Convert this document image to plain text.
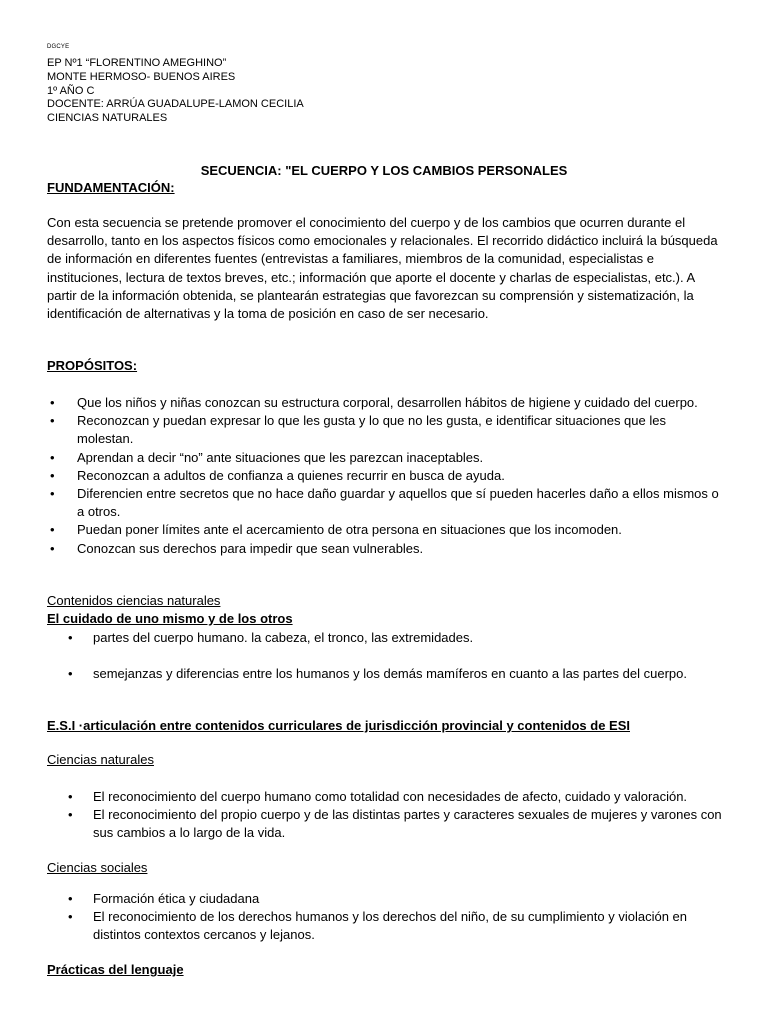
DGCYE
EP Nº1 “FLORENTINO AMEGHINO”
MONTE HERMOSO- BUENOS AIRES
1º AÑO C
DOCENTE: ARRÚA GUADALUPE-LAMON CECILIA
CIENCIAS NATURALES
SECUENCIA: "EL CUERPO Y LOS CAMBIOS PERSONALES
FUNDAMENTACIÓN:
Con esta secuencia se pretende promover el conocimiento del cuerpo y de los cambios que ocurren durante el desarrollo, tanto en los aspectos físicos como emocionales y relacionales. El recorrido didáctico incluirá la búsqueda de información en diferentes fuentes (entrevistas a familiares, miembros de la comunidad, especialistas e instituciones, lectura de textos breves, etc.; información que aporte el docente y charlas de especialistas, etc.). A partir de la información obtenida, se plantearán estrategias que favorezcan su comprensión y sistematización, la identificación de alternativas y la toma de posición en caso de ser necesario.
PROPÓSITOS:
• Que los niños y niñas conozcan su estructura corporal, desarrollen hábitos de higiene y cuidado del cuerpo.
• Reconozcan y puedan expresar lo que les gusta y lo que no les gusta, e identificar situaciones que les molestan.
• Aprendan a decir “no” ante situaciones que les parezcan inaceptables.
• Reconozcan a adultos de confianza a quienes recurrir en busca de ayuda.
• Diferencien entre secretos que no hace daño guardar y aquellos que sí pueden hacerles daño a ellos mismos o a otros.
• Puedan poner límites ante el acercamiento de otra persona en situaciones que los incomoden.
• Conozcan sus derechos para impedir que sean vulnerables.
Contenidos ciencias naturales
El cuidado de uno mismo y de los otros
• partes del cuerpo humano. la cabeza, el tronco, las extremidades.
• semejanzas y diferencias entre los humanos y los demás mamíferos en cuanto a las partes del cuerpo.
E.S.I ·articulación entre contenidos curriculares de jurisdicción provincial y contenidos de ESI
Ciencias naturales
• El reconocimiento del cuerpo humano como totalidad con necesidades de afecto, cuidado y valoración.
• El reconocimiento del propio cuerpo y de las distintas partes y caracteres sexuales de mujeres y varones con sus cambios a lo largo de la vida.
Ciencias sociales
• Formación ética y ciudadana
• El reconocimiento de los derechos humanos y los derechos del niño, de su cumplimiento y violación en distintos contextos cercanos y lejanos.
Prácticas del lenguaje
